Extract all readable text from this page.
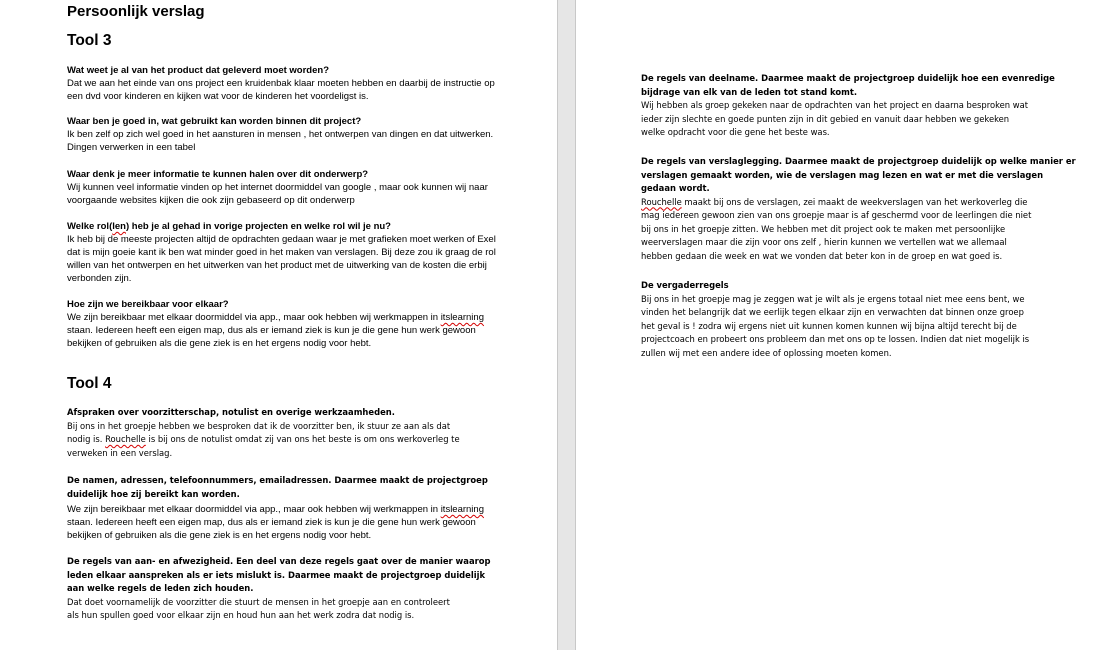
Persoonlijk verslag
Tool 3
Wat weet je al van het product dat geleverd moet worden?
Dat we aan het einde van ons project een kruidenbak klaar moeten hebben en daarbij de instructie op
een dvd voor kinderen en kijken wat voor de kinderen het voordeligst is.
Waar ben je goed in, wat gebruikt kan worden binnen dit project?
Ik ben zelf op zich wel goed in het aansturen in mensen , het ontwerpen van dingen en dat uitwerken.
Dingen verwerken in een tabel
Waar denk je meer informatie te kunnen halen over dit onderwerp?
Wij kunnen veel informatie vinden op het internet doormiddel van google , maar ook kunnen wij naar
voorgaande websites kijken die ook zijn gebaseerd op dit onderwerp
Welke rol(len) heb je al gehad in vorige projecten en welke rol wil je nu?
Ik heb bij de meeste projecten altijd de opdrachten gedaan waar je met grafieken moet werken of Exel
dat is mijn goeie kant ik ben wat minder goed in het maken van verslagen. Bij deze zou ik graag de rol
willen van het ontwerpen en het uitwerken van het product met de uitwerking van de kosten die erbij
verbonden zijn.
Hoe zijn we bereikbaar voor elkaar?
We zijn bereikbaar met elkaar doormiddel via app., maar ook hebben wij werkmappen in itslearning
staan. Iedereen heeft een eigen map, dus als er iemand ziek is kun je die gene hun werk gewoon
bekijken of gebruiken als die gene ziek is en het ergens nodig voor hebt.
Tool 4
Afspraken over voorzitterschap, notulist en overige werkzaamheden.
Bij ons in het groepje hebben we besproken dat ik de voorzitter ben, ik stuur ze aan als dat
nodig is. Rouchelle is bij ons de notulist omdat zij van ons het beste is om ons werkoverleg te
verweken in een verslag.
De namen, adressen, telefoonnummers, emailadressen. Daarmee maakt de projectgroep
duidelijk hoe zij bereikt kan worden.
We zijn bereikbaar met elkaar doormiddel via app., maar ook hebben wij werkmappen in itslearning
staan. Iedereen heeft een eigen map, dus als er iemand ziek is kun je die gene hun werk gewoon
bekijken of gebruiken als die gene ziek is en het ergens nodig voor hebt.
De regels van aan- en afwezigheid. Een deel van deze regels gaat over de manier waarop
leden elkaar aanspreken als er iets mislukt is. Daarmee maakt de projectgroep duidelijk
aan welke regels de leden zich houden.
Dat doet voornamelijk de voorzitter die stuurt de mensen in het groepje aan en controleert
als hun spullen goed voor elkaar zijn en houd hun aan het werk zodra dat nodig is.
De regels van deelname. Daarmee maakt de projectgroep duidelijk hoe een evenredige
bijdrage van elk van de leden tot stand komt.
Wij hebben als groep gekeken naar de opdrachten van het project en daarna besproken wat
ieder zijn slechte en goede punten zijn in dit gebied en vanuit daar hebben we gekeken
welke opdracht voor die gene het beste was.
De regels van verslaglegging. Daarmee maakt de projectgroep duidelijk op welke manier er
verslagen gemaakt worden, wie de verslagen mag lezen en wat er met die verslagen
gedaan wordt.
Rouchelle maakt bij ons de verslagen, zei maakt de weekverslagen van het werkoverleg die
mag iedereen gewoon zien van ons groepje maar is af geschermd voor de leerlingen die niet
bij ons in het groepje zitten. We hebben met dit project ook te maken met persoonlijke
weerverslagen maar die zijn voor ons zelf , hierin kunnen we vertellen wat we allemaal
hebben gedaan die week en wat we vonden dat beter kon in de groep en wat goed is.
De vergaderregels
Bij ons in het groepje mag je zeggen wat je wilt als je ergens totaal niet mee eens bent, we
vinden het belangrijk dat we eerlijk tegen elkaar zijn en verwachten dat binnen onze groep
het geval is ! zodra wij ergens niet uit kunnen komen kunnen wij bijna altijd terecht bij de
projectcoach en probeert ons probleem dan met ons op te lossen. Indien dat niet mogelijk is
zullen wij met een andere idee of oplossing moeten komen.
